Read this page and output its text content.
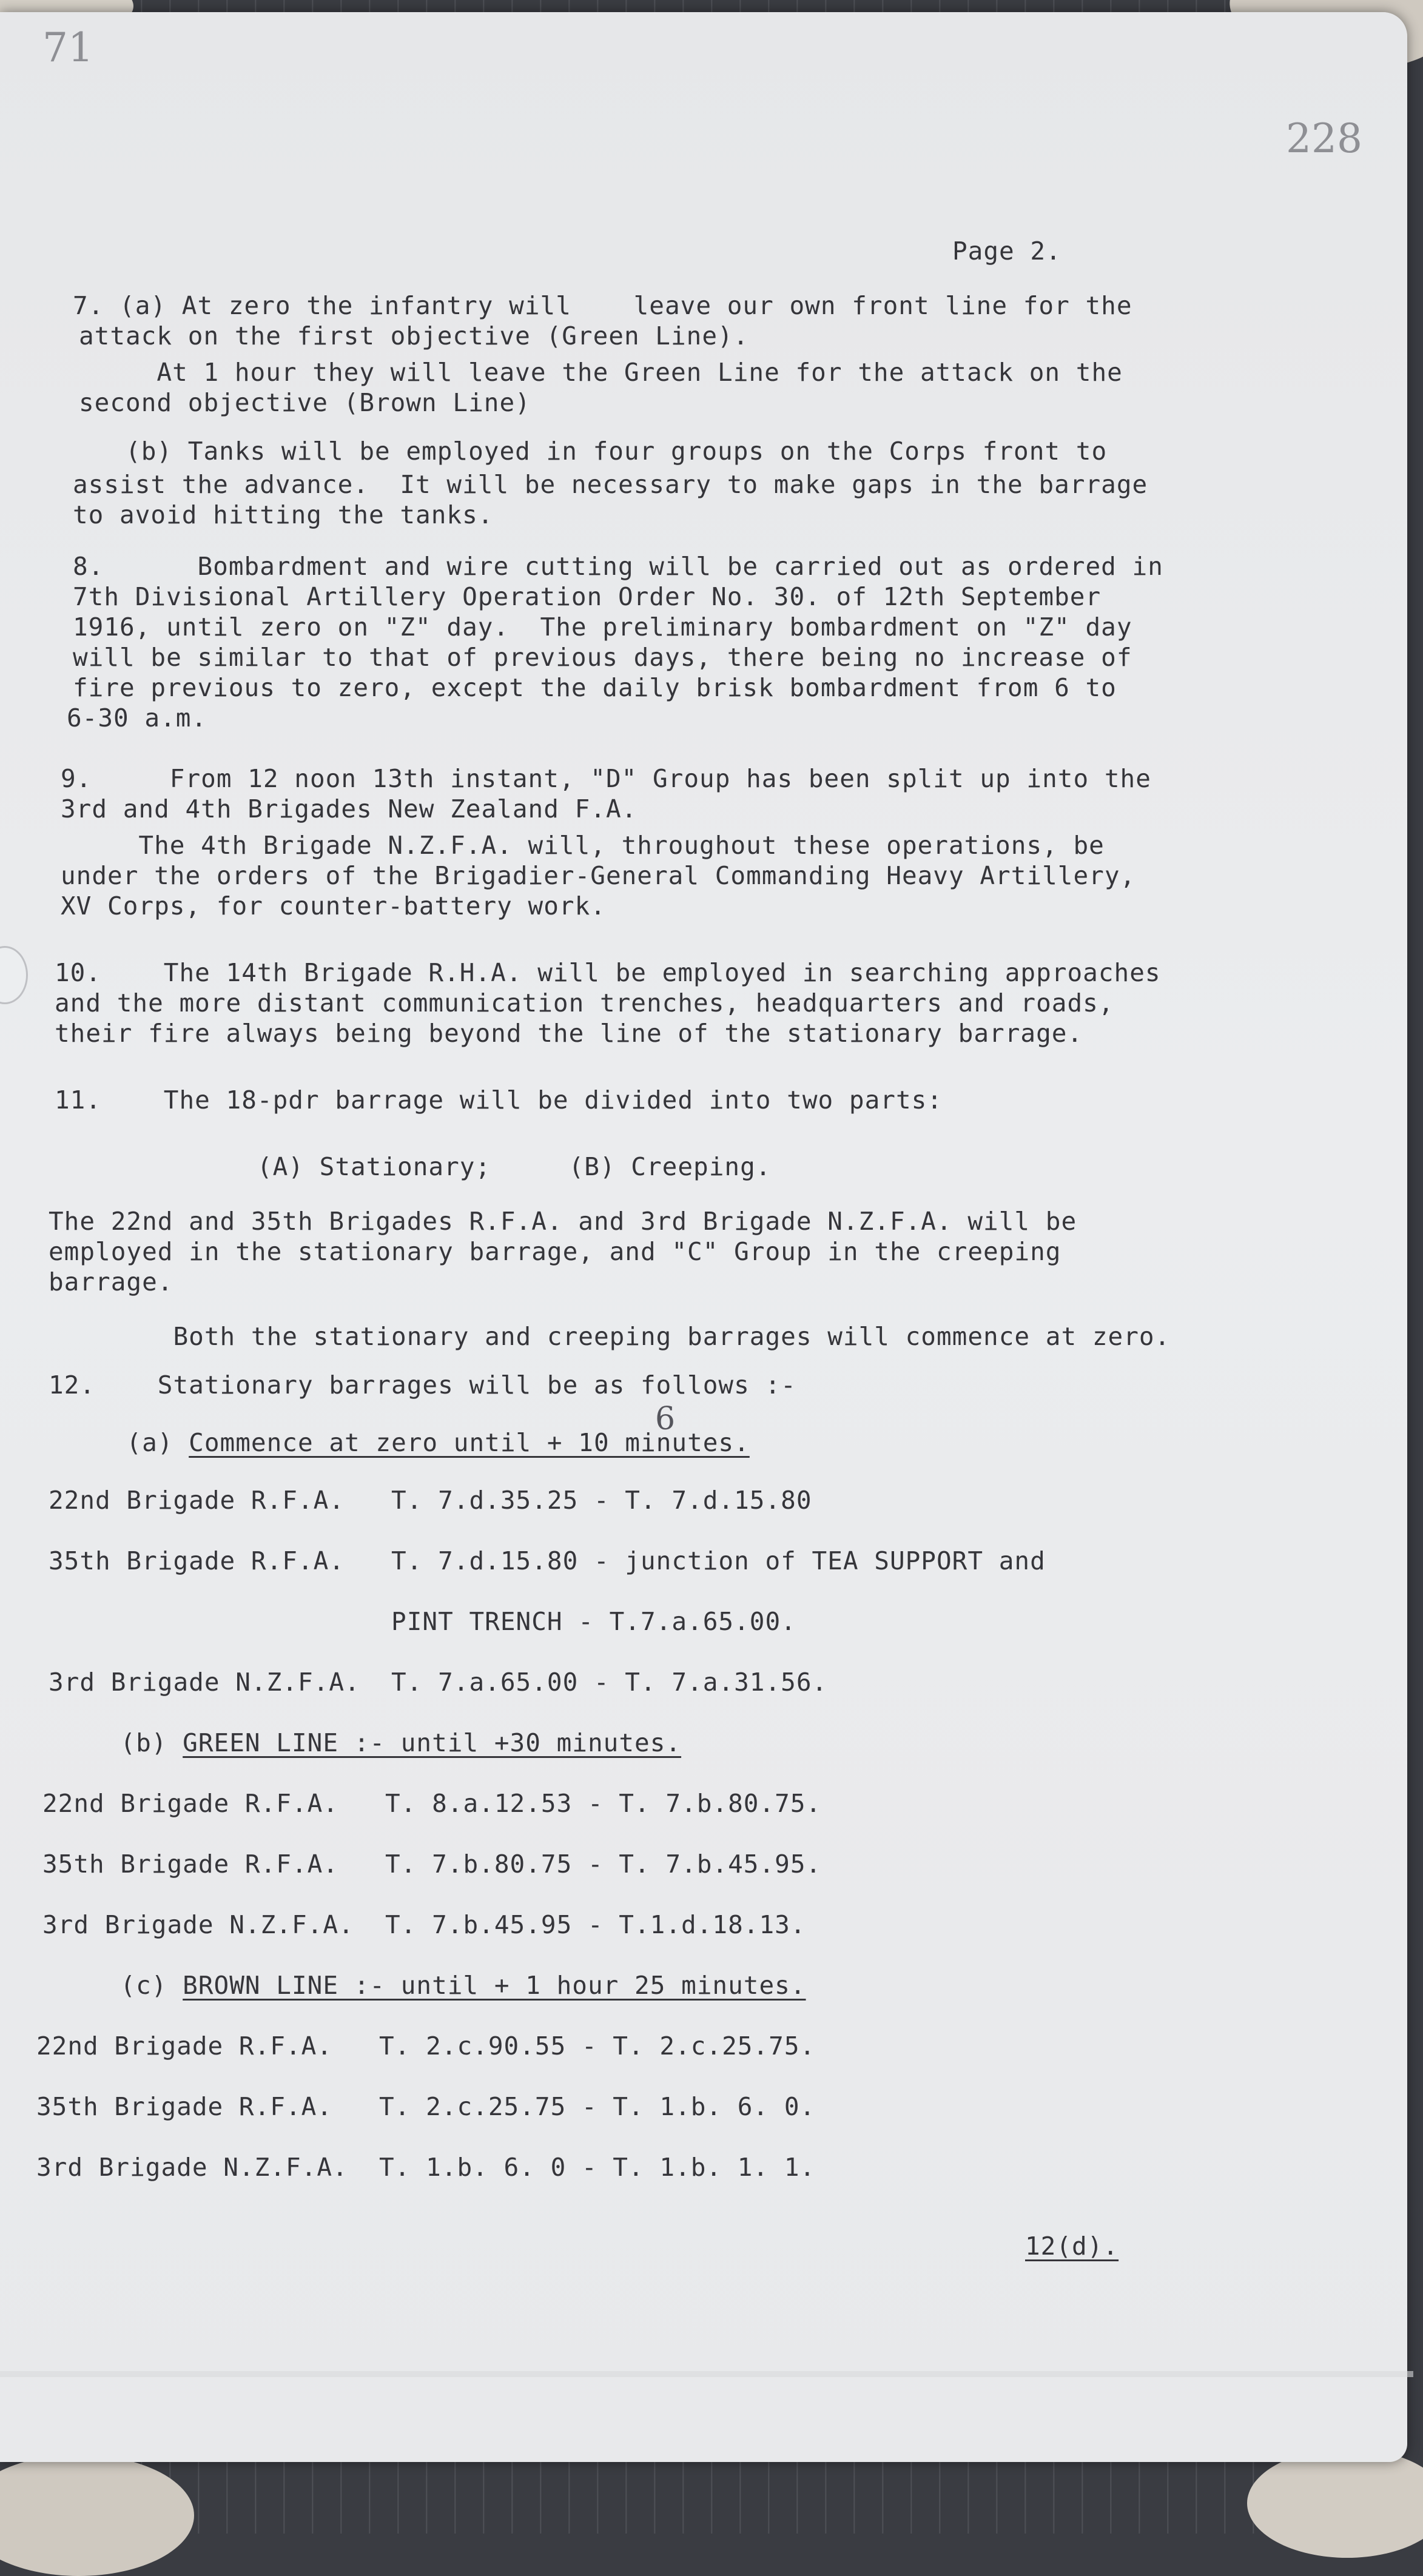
71
228
Page 2.
7. (a) At zero the infantry will    leave our own front line for the
attack on the first objective (Green Line).
At 1 hour they will leave the Green Line for the attack on the
second objective (Brown Line)
(b) Tanks will be employed in four groups on the Corps front to
assist the advance.  It will be necessary to make gaps in the barrage
to avoid hitting the tanks.
8.      Bombardment and wire cutting will be carried out as ordered in
7th Divisional Artillery Operation Order No. 30. of 12th September
1916, until zero on "Z" day.  The preliminary bombardment on "Z" day
will be similar to that of previous days, there being no increase of
fire previous to zero, except the daily brisk bombardment from 6 to
6-30 a.m.
9.     From 12 noon 13th instant, "D" Group has been split up into the
3rd and 4th Brigades New Zealand F.A.
The 4th Brigade N.Z.F.A. will, throughout these operations, be
under the orders of the Brigadier-General Commanding Heavy Artillery,
XV Corps, for counter-battery work.
10.    The 14th Brigade R.H.A. will be employed in searching approaches
and the more distant communication trenches, headquarters and roads,
their fire always being beyond the line of the stationary barrage.
11.    The 18-pdr barrage will be divided into two parts:
(A) Stationary;     (B) Creeping.
The 22nd and 35th Brigades R.F.A. and 3rd Brigade N.Z.F.A. will be
employed in the stationary barrage, and "C" Group in the creeping
barrage.
Both the stationary and creeping barrages will commence at zero.
12.    Stationary barrages will be as follows :-
6
(a) Commence at zero until + 10 minutes.
22nd Brigade R.F.A.   T. 7.d.35.25 - T. 7.d.15.80
35th Brigade R.F.A.   T. 7.d.15.80 - junction of TEA SUPPORT and
PINT TRENCH - T.7.a.65.00.
3rd Brigade N.Z.F.A.  T. 7.a.65.00 - T. 7.a.31.56.
(b) GREEN LINE :- until +30 minutes.
22nd Brigade R.F.A.   T. 8.a.12.53 - T. 7.b.80.75.
35th Brigade R.F.A.   T. 7.b.80.75 - T. 7.b.45.95.
3rd Brigade N.Z.F.A.  T. 7.b.45.95 - T.1.d.18.13.
(c) BROWN LINE :- until + 1 hour 25 minutes.
22nd Brigade R.F.A.   T. 2.c.90.55 - T. 2.c.25.75.
35th Brigade R.F.A.   T. 2.c.25.75 - T. 1.b. 6. 0.
3rd Brigade N.Z.F.A.  T. 1.b. 6. 0 - T. 1.b. 1. 1.
12(d).
